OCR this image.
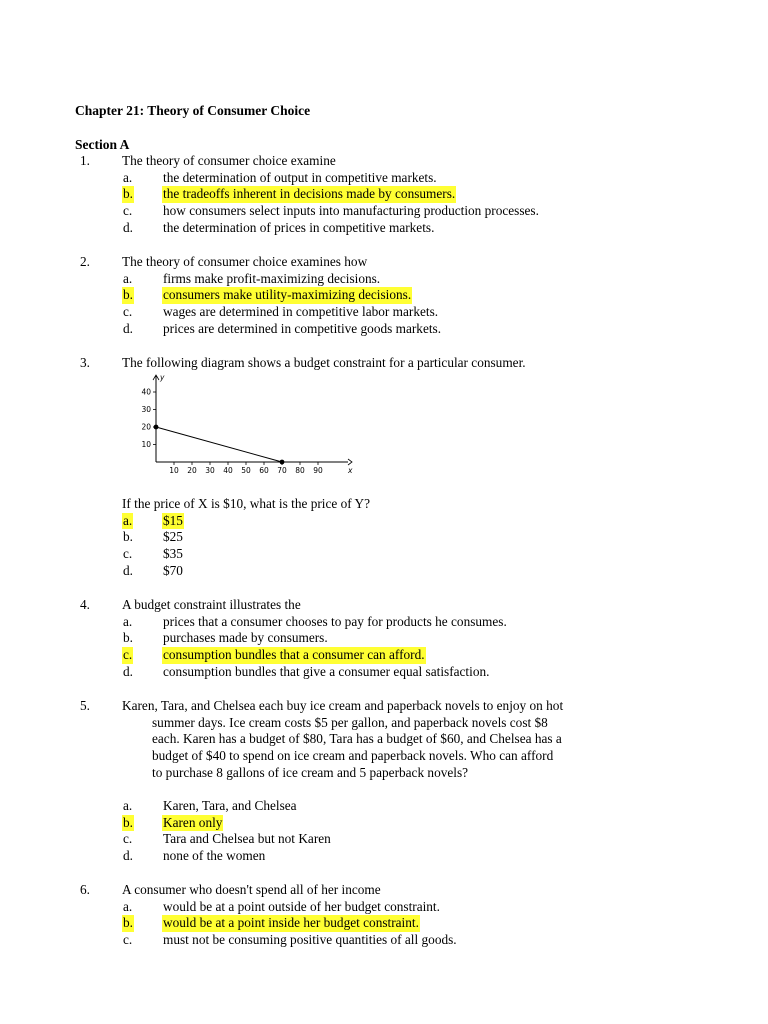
Chapter 21: Theory of Consumer Choice
Section A
1. The theory of consumer choice examine
a. the determination of output in competitive markets.
b. the tradeoffs inherent in decisions made by consumers.
c. how consumers select inputs into manufacturing production processes.
d. the determination of prices in competitive markets.
2. The theory of consumer choice examines how
a. firms make profit-maximizing decisions.
b. consumers make utility-maximizing decisions.
c. wages are determined in competitive labor markets.
d. prices are determined in competitive goods markets.
3. The following diagram shows a budget constraint for a particular consumer.
x
y
10 20 30 40 50 60 70 80 90
10
20
30
40
If the price of X is $10, what is the price of Y?
a. $15
b. $25
c. $35
d. $70
4. A budget constraint illustrates the
a. prices that a consumer chooses to pay for products he consumes.
b. purchases made by consumers.
c. consumption bundles that a consumer can afford.
d. consumption bundles that give a consumer equal satisfaction.
5. Karen, Tara, and Chelsea each buy ice cream and paperback novels to enjoy on hot
summer days. Ice cream costs $5 per gallon, and paperback novels cost $8
each. Karen has a budget of $80, Tara has a budget of $60, and Chelsea has a
budget of $40 to spend on ice cream and paperback novels. Who can afford
to purchase 8 gallons of ice cream and 5 paperback novels?
a. Karen, Tara, and Chelsea
b. Karen only
c. Tara and Chelsea but not Karen
d. none of the women
6. A consumer who doesn't spend all of her income
a. would be at a point outside of her budget constraint.
b. would be at a point inside her budget constraint.
c. must not be consuming positive quantities of all goods.
